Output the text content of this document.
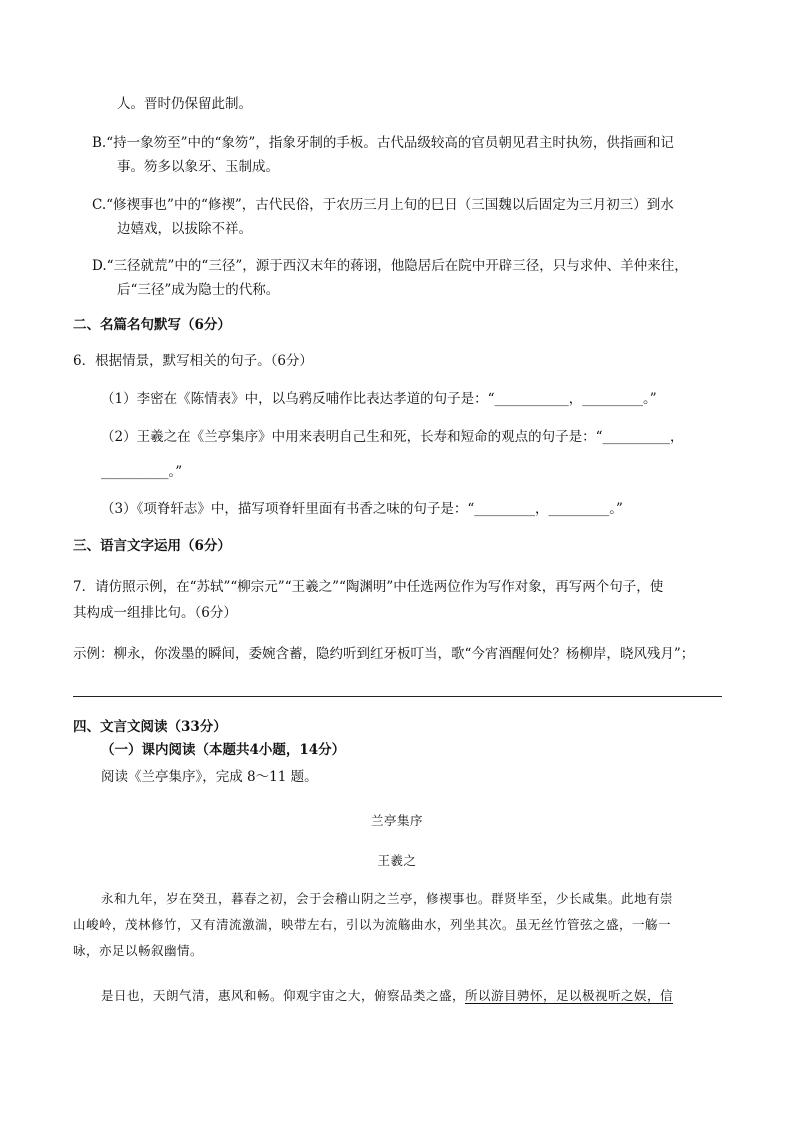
人。晋时仍保留此制。
B.“持一象笏至”中的“象笏”，指象牙制的手板。古代品级较高的官员朝见君主时执笏，供指画和记
事。笏多以象牙、玉制成。
C.“修禊事也”中的“修禊”，古代民俗，于农历三月上旬的巳日（三国魏以后固定为三月初三）到水
边嬉戏，以拔除不祥。
D.“三径就荒”中的“三径”，源于西汉末年的蒋诩，他隐居后在院中开辟三径，只与求仲、羊仲来往，
后“三径”成为隐士的代称。
二、名篇名句默写（6分）
6．根据情景，默写相关的句子。（6分）
（1）李密在《陈情表》中，以乌鸦反哺作比表达孝道的句子是：“___________，_________。”
（2）王羲之在《兰亭集序》中用来表明自己生和死，长寿和短命的观点的句子是：“__________，
__________。”
（3）《项脊轩志》中，描写项脊轩里面有书香之味的句子是：“_________，_________。”
三、语言文字运用（6分）
7．请仿照示例，在“苏轼”“柳宗元”“王羲之”“陶渊明”中任选两位作为写作对象，再写两个句子，使
其构成一组排比句。（6分）
示例：柳永，你泼墨的瞬间，委婉含蓄，隐约听到红牙板叮当，歌“今宵酒醒何处？杨柳岸，晓风残月”；
四、文言文阅读（33分）
（一）课内阅读（本题共4小题，14分）
阅读《兰亭集序》，完成 8～11 题。
兰亭集序
王羲之
永和九年，岁在癸丑，暮春之初，会于会稽山阴之兰亭，修禊事也。群贤毕至，少长咸集。此地有崇
山峻岭，茂林修竹，又有清流激湍，映带左右，引以为流觞曲水，列坐其次。虽无丝竹管弦之盛，一觞一
咏，亦足以畅叙幽情。
是日也，天朗气清，惠风和畅。仰观宇宙之大，俯察品类之盛，所以游目骋怀，足以极视听之娱，信
